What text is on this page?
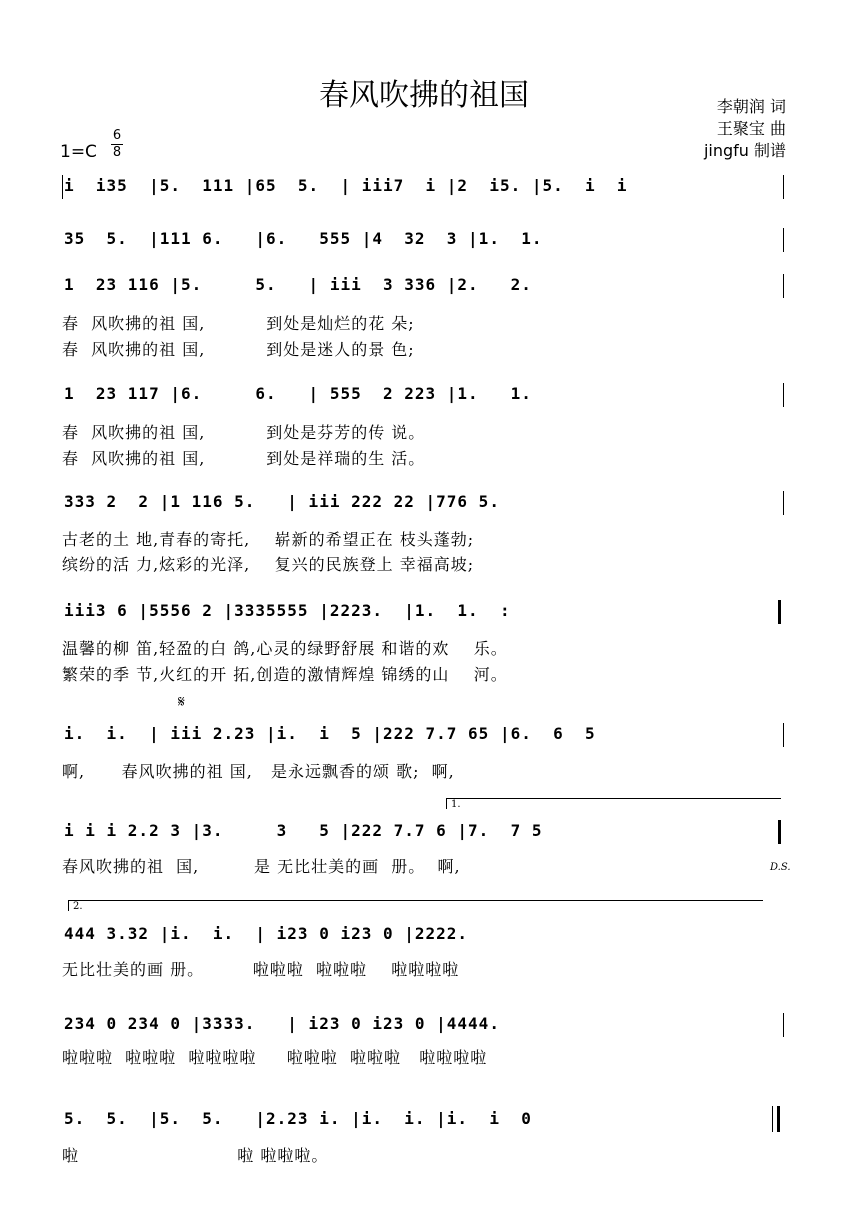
春风吹拂的祖国	李朝润 词
王聚宝 曲
jingfu 制谱
1=C
6
8
i  i35  |5.  111 |65  5.  | iii7  i |2  i5. |5.  i  i
35  5.  |111 6.   |6.   555 |4  32  3 |1.  1.
1  23 116 |5.     5.   | iii  3 336 |2.   2.
春  风吹拂的祖 国,          到处是灿烂的花 朵;
春  风吹拂的祖 国,          到处是迷人的景 色;
1  23 117 |6.     6.   | 555  2 223 |1.   1.
春  风吹拂的祖 国,          到处是芬芳的传 说。
春  风吹拂的祖 国,          到处是祥瑞的生 活。
333 2  2 |1 116 5.   | iii 222 22 |776 5.
古老的土 地,青春的寄托,    崭新的希望正在 枝头蓬勃;
缤纷的活 力,炫彩的光泽,    复兴的民族登上 幸福高坡;
iii3 6 |5556 2 |3335555 |2223.  |1.  1.  :
温馨的柳 笛,轻盈的白 鸽,心灵的绿野舒展 和谐的欢    乐。
繁荣的季 节,火红的开 拓,创造的激情辉煌 锦绣的山    河。
𝄋
i.  i.  | iii 2.23 |i.  i  5 |222 7.7 65 |6.  6  5
啊,      春风吹拂的祖 国,   是永远飘香的颂 歌;  啊,
1.
i i i 2.2 3 |3.     3   5 |222 7.7 6 |7.  7 5
春风吹拂的祖  国,         是 无比壮美的画  册。  啊,	D.S.
2.
444 3.32 |i.  i.  | i23 0 i23 0 |2222.
无比壮美的画 册。        啦啦啦  啦啦啦    啦啦啦啦
234 0 234 0 |3333.   | i23 0 i23 0 |4444.
啦啦啦  啦啦啦  啦啦啦啦     啦啦啦  啦啦啦   啦啦啦啦
5.  5.  |5.  5.   |2.23 i. |i.  i. |i.  i  0
啦                          啦 啦啦啦。
